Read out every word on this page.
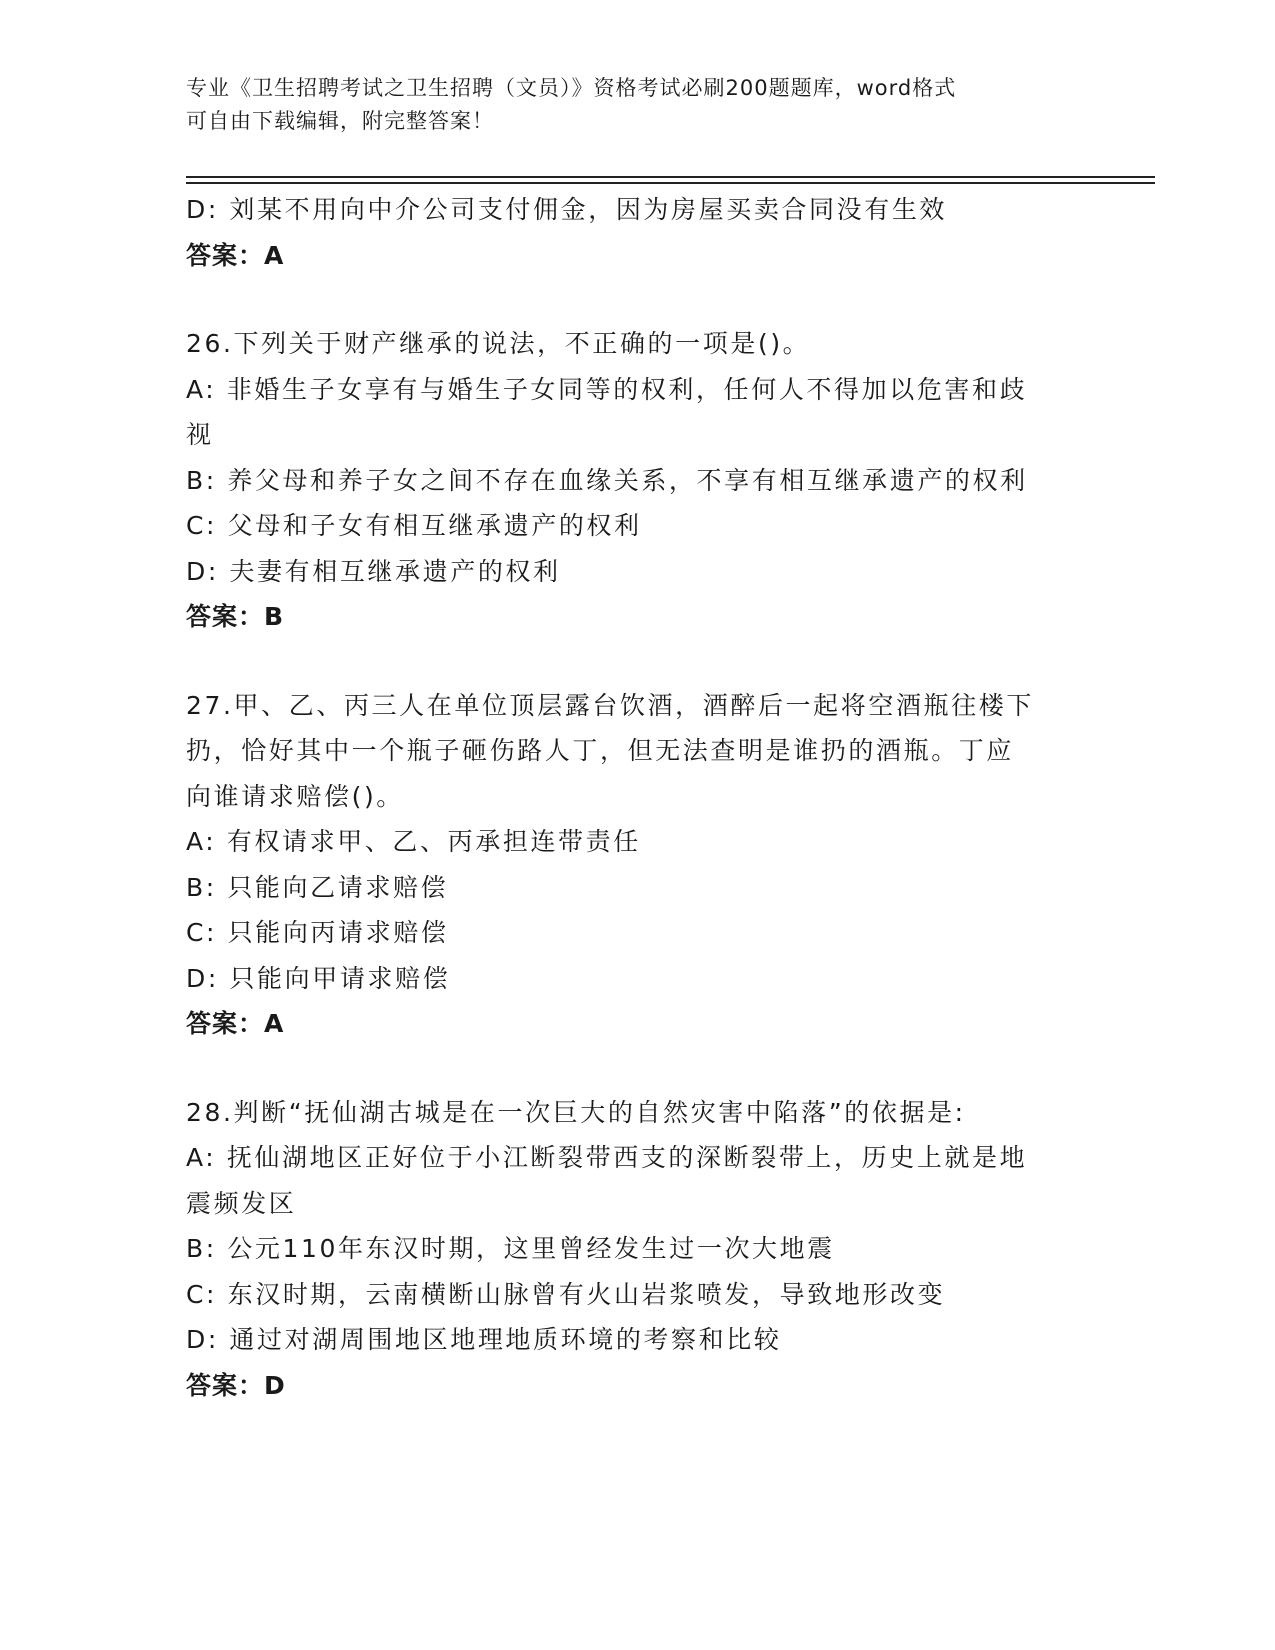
专业《卫生招聘考试之卫生招聘（文员）》资格考试必刷200题题库，word格式
可自由下载编辑，附完整答案！

D: 刘某不用向中介公司支付佣金，因为房屋买卖合同没有生效

答案：A

26.下列关于财产继承的说法，不正确的一项是()。

A: 非婚生子女享有与婚生子女同等的权利，任何人不得加以危害和歧

视

B: 养父母和养子女之间不存在血缘关系，不享有相互继承遗产的权利

C: 父母和子女有相互继承遗产的权利

D: 夫妻有相互继承遗产的权利

答案：B

27.甲、乙、丙三人在单位顶层露台饮酒，酒醉后一起将空酒瓶往楼下

扔，恰好其中一个瓶子砸伤路人丁，但无法查明是谁扔的酒瓶。丁应

向谁请求赔偿()。

A: 有权请求甲、乙、丙承担连带责任

B: 只能向乙请求赔偿

C: 只能向丙请求赔偿

D: 只能向甲请求赔偿

答案：A

28.判断“抚仙湖古城是在一次巨大的自然灾害中陷落”的依据是:

A: 抚仙湖地区正好位于小江断裂带西支的深断裂带上，历史上就是地

震频发区

B: 公元110年东汉时期，这里曾经发生过一次大地震

C: 东汉时期，云南横断山脉曾有火山岩浆喷发，导致地形改变

D: 通过对湖周围地区地理地质环境的考察和比较

答案：D
